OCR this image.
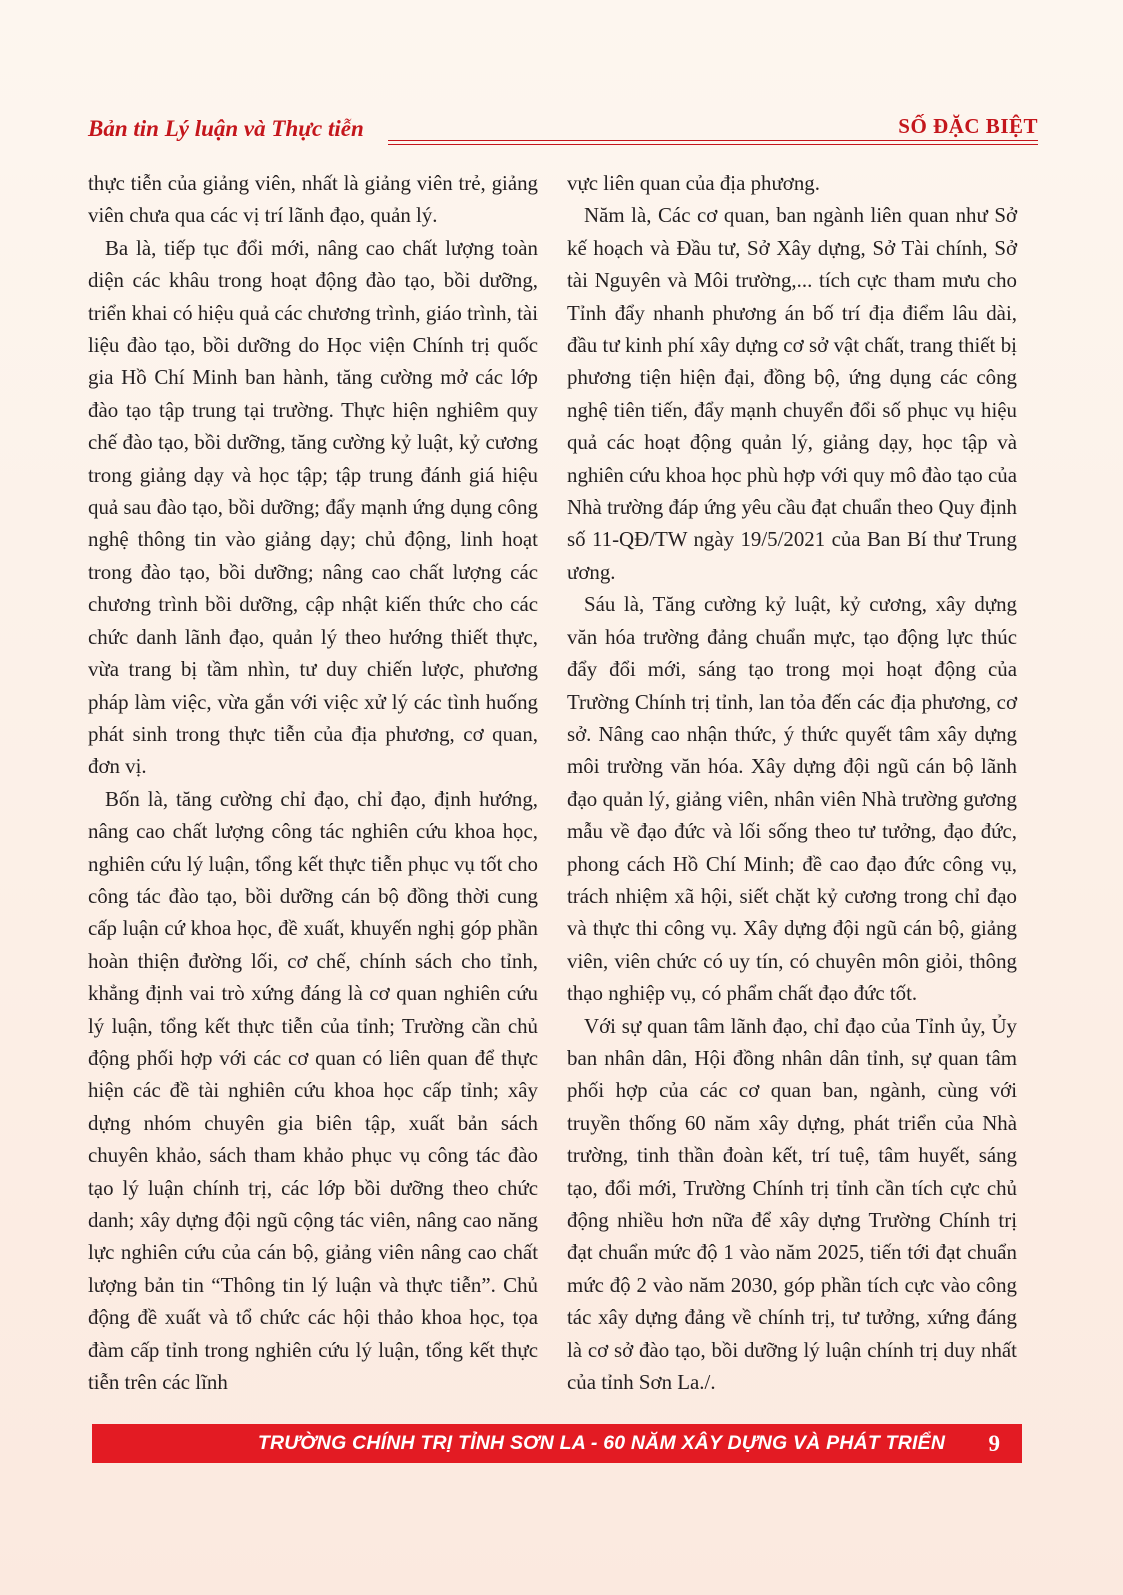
Bản tin Lý luận và Thực tiễn	SỐ ĐẶC BIỆT

thực tiễn của giảng viên, nhất là giảng viên trẻ, giảng viên chưa qua các vị trí lãnh đạo, quản lý.

Ba là, tiếp tục đổi mới, nâng cao chất lượng toàn diện các khâu trong hoạt động đào tạo, bồi dưỡng, triển khai có hiệu quả các chương trình, giáo trình, tài liệu đào tạo, bồi dưỡng do Học viện Chính trị quốc gia Hồ Chí Minh ban hành, tăng cường mở các lớp đào tạo tập trung tại trường. Thực hiện nghiêm quy chế đào tạo, bồi dưỡng, tăng cường kỷ luật, kỷ cương trong giảng dạy và học tập; tập trung đánh giá hiệu quả sau đào tạo, bồi dưỡng; đẩy mạnh ứng dụng công nghệ thông tin vào giảng dạy; chủ động, linh hoạt trong đào tạo, bồi dưỡng; nâng cao chất lượng các chương trình bồi dưỡng, cập nhật kiến thức cho các chức danh lãnh đạo, quản lý theo hướng thiết thực, vừa trang bị tầm nhìn, tư duy chiến lược, phương pháp làm việc, vừa gắn với việc xử lý các tình huống phát sinh trong thực tiễn của địa phương, cơ quan, đơn vị.

Bốn là, tăng cường chỉ đạo, chỉ đạo, định hướng, nâng cao chất lượng công tác nghiên cứu khoa học, nghiên cứu lý luận, tổng kết thực tiễn phục vụ tốt cho công tác đào tạo, bồi dưỡng cán bộ đồng thời cung cấp luận cứ khoa học, đề xuất, khuyến nghị góp phần hoàn thiện đường lối, cơ chế, chính sách cho tỉnh, khẳng định vai trò xứng đáng là cơ quan nghiên cứu lý luận, tổng kết thực tiễn của tỉnh; Trường cần chủ động phối hợp với các cơ quan có liên quan để thực hiện các đề tài nghiên cứu khoa học cấp tỉnh; xây dựng nhóm chuyên gia biên tập, xuất bản sách chuyên khảo, sách tham khảo phục vụ công tác đào tạo lý luận chính trị, các lớp bồi dưỡng theo chức danh; xây dựng đội ngũ cộng tác viên, nâng cao năng lực nghiên cứu của cán bộ, giảng viên nâng cao chất lượng bản tin “Thông tin lý luận và thực tiễn”. Chủ động đề xuất và tổ chức các hội thảo khoa học, tọa đàm cấp tỉnh trong nghiên cứu lý luận, tổng kết thực tiễn trên các lĩnh

vực liên quan của địa phương.

Năm là, Các cơ quan, ban ngành liên quan như Sở kế hoạch và Đầu tư, Sở Xây dựng, Sở Tài chính, Sở tài Nguyên và Môi trường,... tích cực tham mưu cho Tỉnh đẩy nhanh phương án bố trí địa điểm lâu dài, đầu tư kinh phí xây dựng cơ sở vật chất, trang thiết bị phương tiện hiện đại, đồng bộ, ứng dụng các công nghệ tiên tiến, đẩy mạnh chuyển đổi số phục vụ hiệu quả các hoạt động quản lý, giảng dạy, học tập và nghiên cứu khoa học phù hợp với quy mô đào tạo của Nhà trường đáp ứng yêu cầu đạt chuẩn theo Quy định số 11-QĐ/TW ngày 19/5/2021 của Ban Bí thư Trung ương.

Sáu là, Tăng cường kỷ luật, kỷ cương, xây dựng văn hóa trường đảng chuẩn mực, tạo động lực thúc đẩy đổi mới, sáng tạo trong mọi hoạt động của Trường Chính trị tỉnh, lan tỏa đến các địa phương, cơ sở. Nâng cao nhận thức, ý thức quyết tâm xây dựng môi trường văn hóa. Xây dựng đội ngũ cán bộ lãnh đạo quản lý, giảng viên, nhân viên Nhà trường gương mẫu về đạo đức và lối sống theo tư tưởng, đạo đức, phong cách Hồ Chí Minh; đề cao đạo đức công vụ, trách nhiệm xã hội, siết chặt kỷ cương trong chỉ đạo và thực thi công vụ. Xây dựng đội ngũ cán bộ, giảng viên, viên chức có uy tín, có chuyên môn giỏi, thông thạo nghiệp vụ, có phẩm chất đạo đức tốt.

Với sự quan tâm lãnh đạo, chỉ đạo của Tỉnh ủy, Ủy ban nhân dân, Hội đồng nhân dân tỉnh, sự quan tâm phối hợp của các cơ quan ban, ngành, cùng với truyền thống 60 năm xây dựng, phát triển của Nhà trường, tinh thần đoàn kết, trí tuệ, tâm huyết, sáng tạo, đổi mới, Trường Chính trị tỉnh cần tích cực chủ động nhiều hơn nữa để xây dựng Trường Chính trị đạt chuẩn mức độ 1 vào năm 2025, tiến tới đạt chuẩn mức độ 2 vào năm 2030, góp phần tích cực vào công tác xây dựng đảng về chính trị, tư tưởng, xứng đáng là cơ sở đào tạo, bồi dưỡng lý luận chính trị duy nhất của tỉnh Sơn La./.

TRƯỜNG CHÍNH TRỊ TỈNH SƠN LA - 60 NĂM XÂY DỰNG VÀ PHÁT TRIỂN	9
